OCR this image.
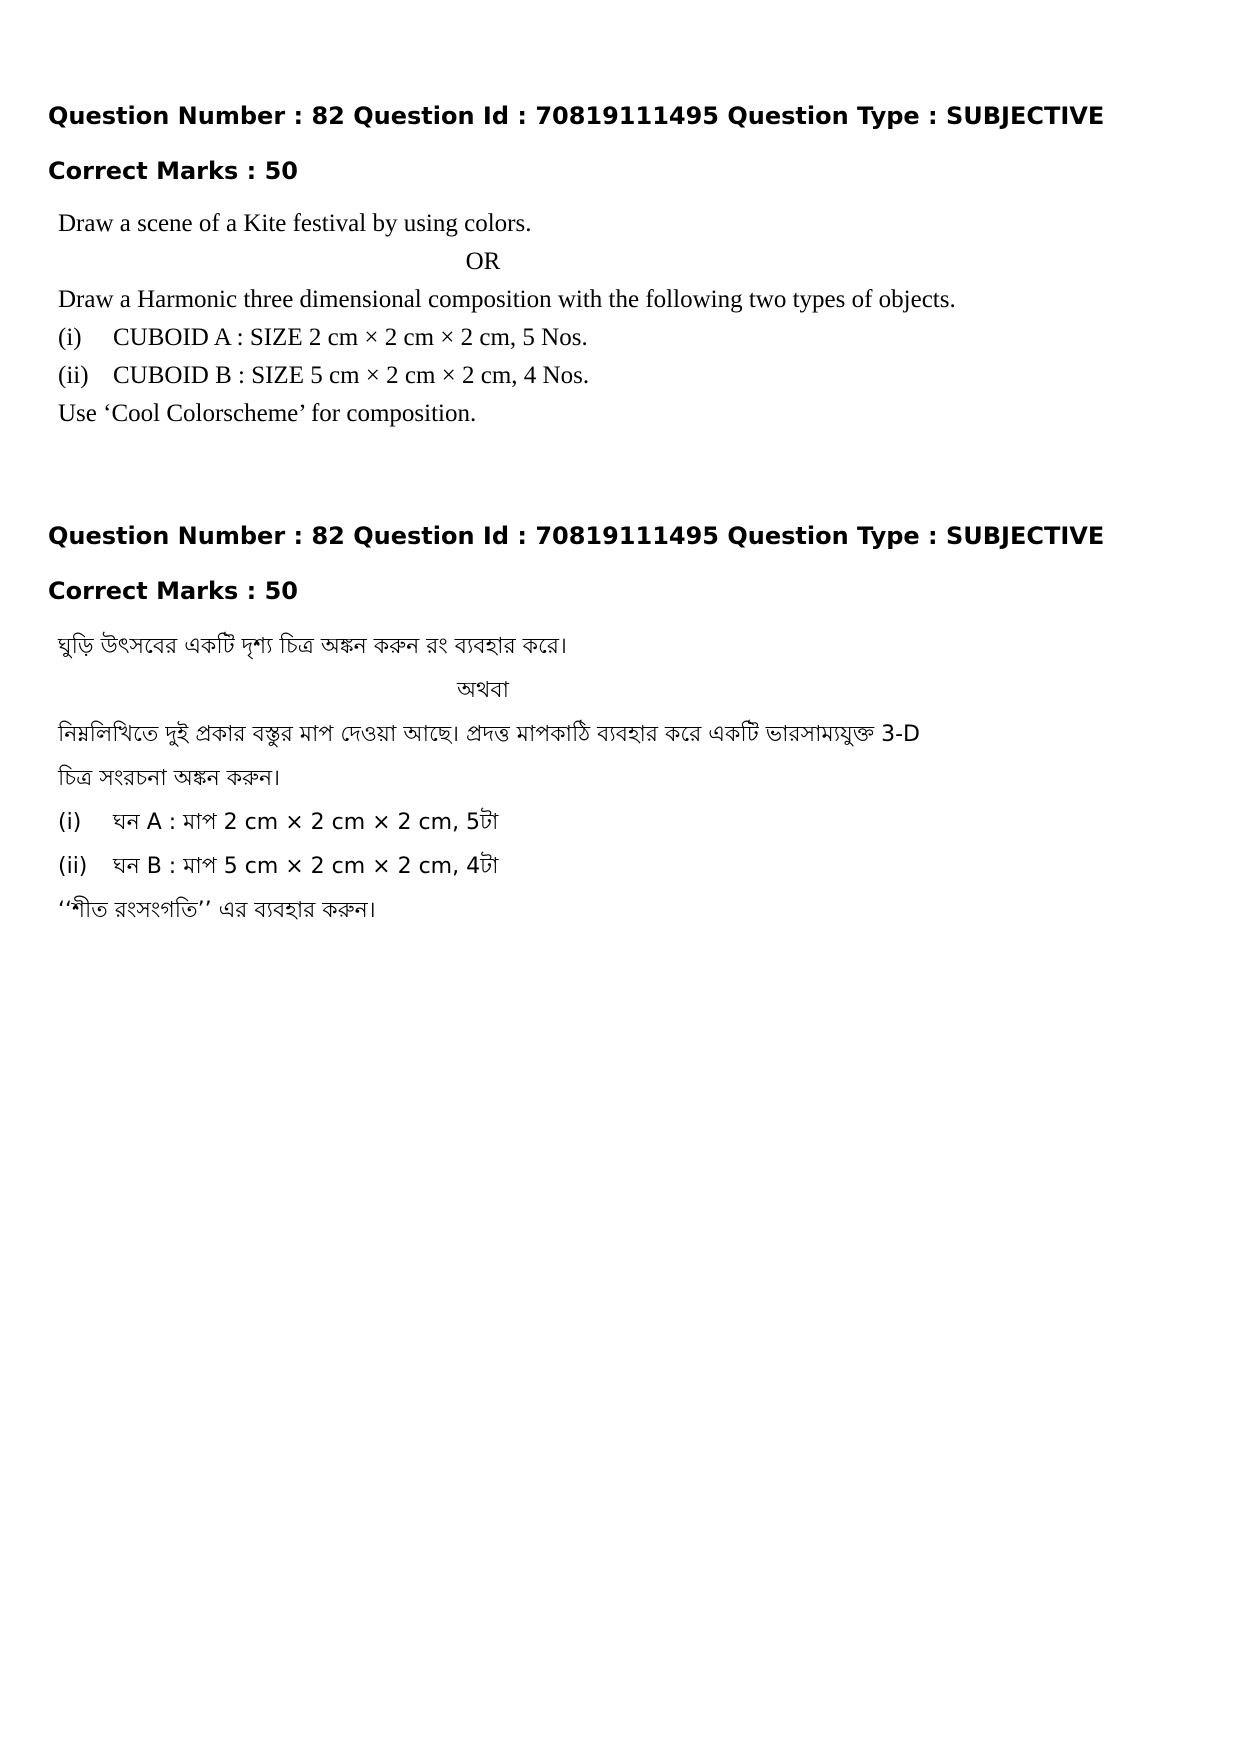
Question Number : 82 Question Id : 70819111495 Question Type : SUBJECTIVE
Correct Marks : 50
Draw a scene of a Kite festival by using colors.
OR
Draw a Harmonic three dimensional composition with the following two types of objects.
(i)	CUBOID A : SIZE 2 cm × 2 cm × 2 cm, 5 Nos.
(ii) CUBOID B : SIZE 5 cm × 2 cm × 2 cm, 4 Nos.
Use ‘Cool Colorscheme’ for composition.
Question Number : 82 Question Id : 70819111495 Question Type : SUBJECTIVE
Correct Marks : 50
ঘুড়ি উৎসবের একটি দৃশ্য চিত্র অঙ্কন করুন রং ব্যবহার করে।
অথবা
নিম্নলিখিতে দুই প্রকার বস্তুর মাপ দেওয়া আছে। প্রদত্ত মাপকাঠি ব্যবহার করে একটি ভারসাম্যযুক্ত 3-D চিত্র সংরচনা অঙ্কন করুন।
(i)	ঘন A : মাপ 2 cm × 2 cm × 2 cm, 5টা
(ii)	ঘন B : মাপ 5 cm × 2 cm × 2 cm, 4টা
‘‘শীত রংসংগতি’’ এর ব্যবহার করুন।
